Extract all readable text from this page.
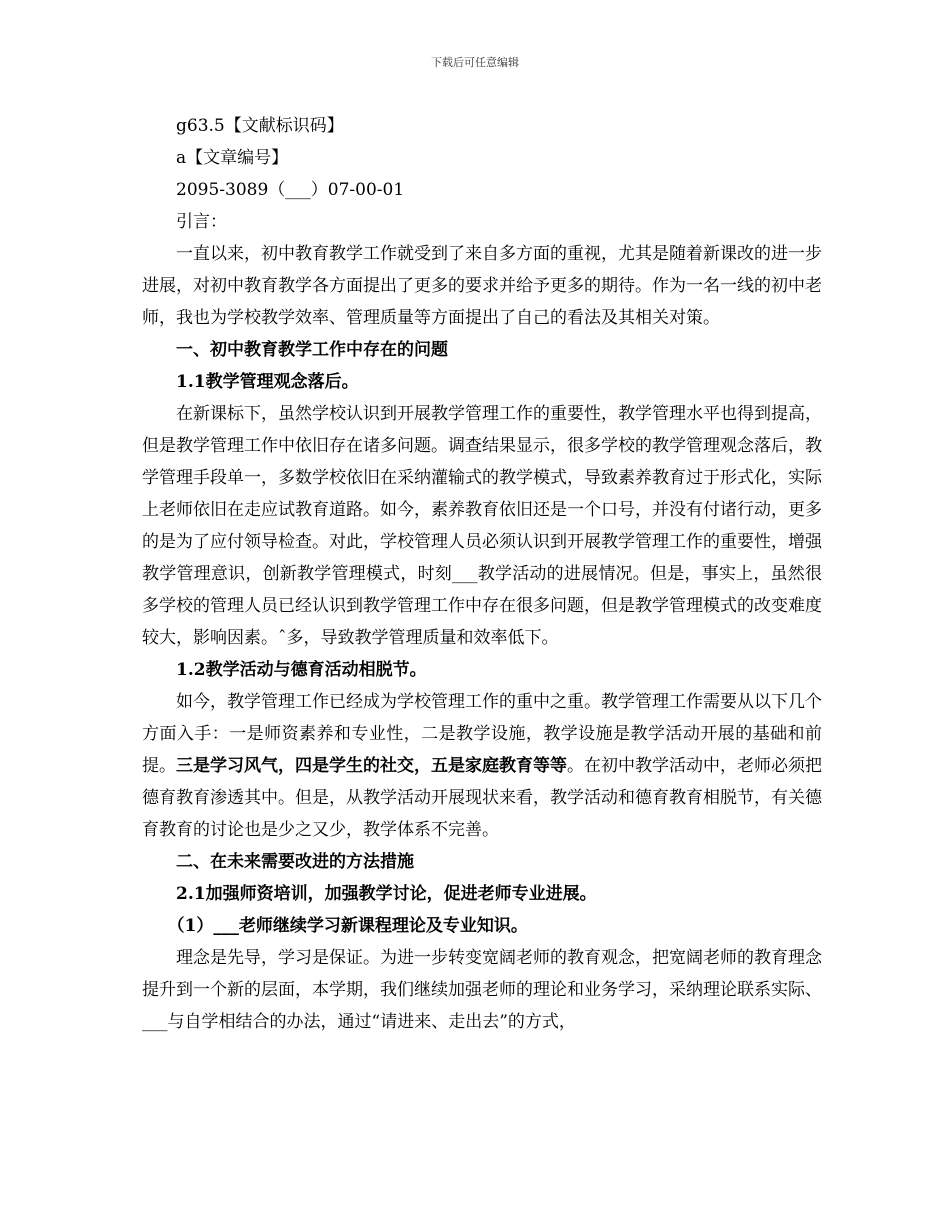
下载后可任意编辑

g63.5【文献标识码】

a【文章编号】

2095-3089（___）07-00-01

引言：

一直以来，初中教育教学工作就受到了来自多方面的重视，尤其是随着新课改的进一步进展，对初中教育教学各方面提出了更多的要求并给予更多的期待。作为一名一线的初中老师，我也为学校教学效率、管理质量等方面提出了自己的看法及其相关对策。

一、初中教育教学工作中存在的问题

1.1教学管理观念落后。

在新课标下，虽然学校认识到开展教学管理工作的重要性，教学管理水平也得到提高，但是教学管理工作中依旧存在诸多问题。调查结果显示，很多学校的教学管理观念落后，教学管理手段单一，多数学校依旧在采纳灌输式的教学模式，导致素养教育过于形式化，实际上老师依旧在走应试教育道路。如今，素养教育依旧还是一个口号，并没有付诸行动，更多的是为了应付领导检查。对此，学校管理人员必须认识到开展教学管理工作的重要性，增强教学管理意识，创新教学管理模式，时刻___教学活动的进展情况。但是，事实上，虽然很多学校的管理人员已经认识到教学管理工作中存在很多问题，但是教学管理模式的改变难度较大，影响因素。ˆ多，导致教学管理质量和效率低下。

1.2教学活动与德育活动相脱节。

如今，教学管理工作已经成为学校管理工作的重中之重。教学管理工作需要从以下几个方面入手：一是师资素养和专业性，二是教学设施，教学设施是教学活动开展的基础和前提。三是学习风气，四是学生的社交，五是家庭教育等等。在初中教学活动中，老师必须把德育教育渗透其中。但是，从教学活动开展现状来看，教学活动和德育教育相脱节，有关德育教育的讨论也是少之又少，教学体系不完善。

二、在未来需要改进的方法措施

2.1加强师资培训，加强教学讨论，促进老师专业进展。

（1）___老师继续学习新课程理论及专业知识。

理念是先导，学习是保证。为进一步转变宽阔老师的教育观念，把宽阔老师的教育理念提升到一个新的层面，本学期，我们继续加强老师的理论和业务学习，采纳理论联系实际、___与自学相结合的办法，通过“请进来、走出去”的方式，
